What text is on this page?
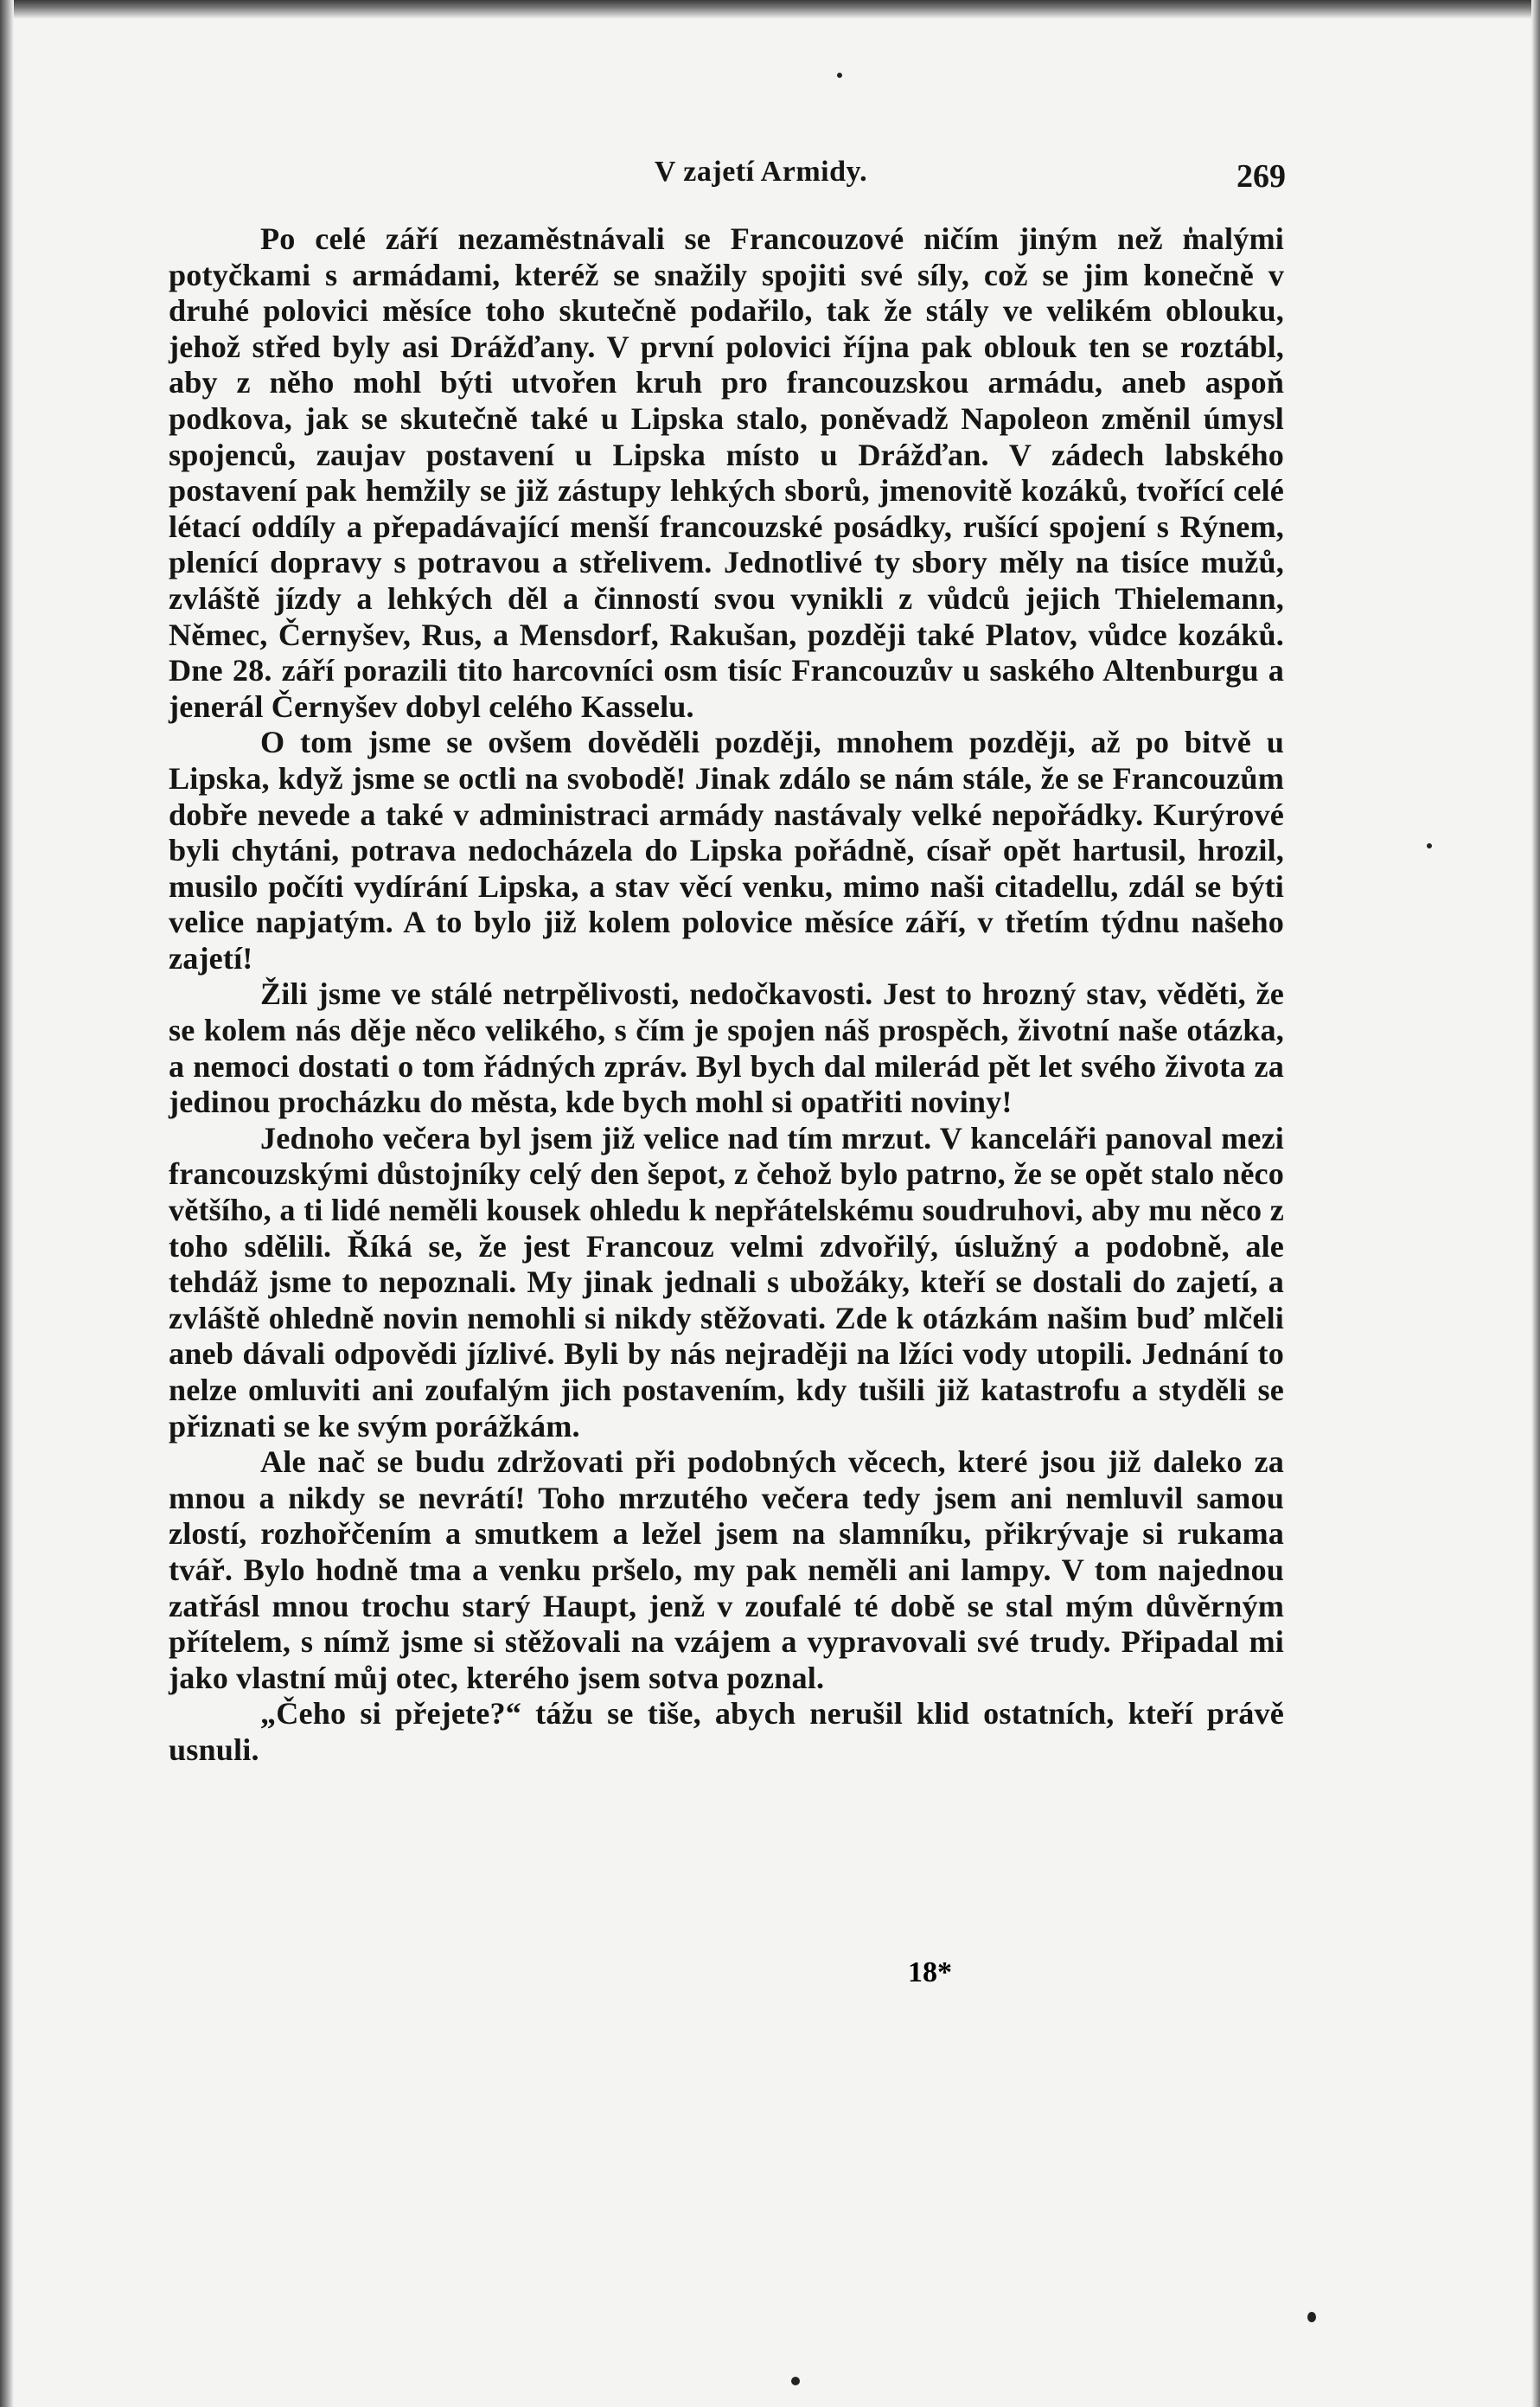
V zajetí Armidy.	269

Po celé září nezaměstnávali se Francouzové ničím jiným než malými potyčkami s armádami, kteréž se snažily spojiti své síly, což se jim konečně v druhé polovici měsíce toho skutečně podařilo, tak že stály ve velikém oblouku, jehož střed byly asi Drážďany. V první polovici října pak oblouk ten se roztábl, aby z něho mohl býti utvořen kruh pro francouzskou armádu, aneb aspoň podkova, jak se skutečně také u Lipska stalo, poněvadž Napoleon změnil úmysl spojenců, zaujav postavení u Lipska místo u Drážďan. V zádech labského postavení pak hemžily se již zástupy lehkých sborů, jmenovitě kozáků, tvořící celé létací oddíly a přepadávající menší francouzské posádky, rušící spojení s Rýnem, plenící dopravy s potravou a střelivem. Jednotlivé ty sbory měly na tisíce mužů, zvláště jízdy a lehkých děl a činností svou vynikli z vůdců jejich Thielemann, Němec, Černyšev, Rus, a Mensdorf, Rakušan, později také Platov, vůdce kozáků. Dne 28. září porazili tito harcovníci osm tisíc Francouzův u saského Altenburgu a jenerál Černyšev dobyl celého Kasselu.

O tom jsme se ovšem dověděli později, mnohem později, až po bitvě u Lipska, když jsme se octli na svobodě! Jinak zdálo se nám stále, že se Francouzům dobře nevede a také v administraci armády nastávaly velké nepořádky. Kurýrové byli chytáni, potrava nedocházela do Lipska pořádně, císař opět hartusil, hrozil, musilo počíti vydírání Lipska, a stav věcí venku, mimo naši citadellu, zdál se býti velice napjatým. A to bylo již kolem polovice měsíce září, v třetím týdnu našeho zajetí!

Žili jsme ve stálé netrpělivosti, nedočkavosti. Jest to hrozný stav, věděti, že se kolem nás děje něco velikého, s čím je spojen náš prospěch, životní naše otázka, a nemoci dostati o tom řádných zpráv. Byl bych dal milerád pět let svého života za jedinou procházku do města, kde bych mohl si opatřiti noviny!

Jednoho večera byl jsem již velice nad tím mrzut. V kanceláři panoval mezi francouzskými důstojníky celý den šepot, z čehož bylo patrno, že se opět stalo něco většího, a ti lidé neměli kousek ohledu k nepřátelskému soudruhovi, aby mu něco z toho sdělili. Říká se, že jest Francouz velmi zdvořilý, úslužný a podobně, ale tehdáž jsme to nepoznali. My jinak jednali s ubožáky, kteří se dostali do zajetí, a zvláště ohledně novin nemohli si nikdy stěžovati. Zde k otázkám našim buď mlčeli aneb dávali odpovědi jízlivé. Byli by nás nejraději na lžíci vody utopili. Jednání to nelze omluviti ani zoufalým jich postavením, kdy tušili již katastrofu a styděli se přiznati se ke svým porážkám.

Ale nač se budu zdržovati při podobných věcech, které jsou již daleko za mnou a nikdy se nevrátí! Toho mrzutého večera tedy jsem ani nemluvil samou zlostí, rozhořčením a smutkem a ležel jsem na slamníku, přikrývaje si rukama tvář. Bylo hodně tma a venku pršelo, my pak neměli ani lampy. V tom najednou zatřásl mnou trochu starý Haupt, jenž v zoufalé té době se stal mým důvěrným přítelem, s nímž jsme si stěžovali na vzájem a vypravovali své trudy. Připadal mi jako vlastní můj otec, kterého jsem sotva poznal.

„Čeho si přejete?“ tážu se tiše, abych nerušil klid ostatních, kteří právě usnuli.

18*
